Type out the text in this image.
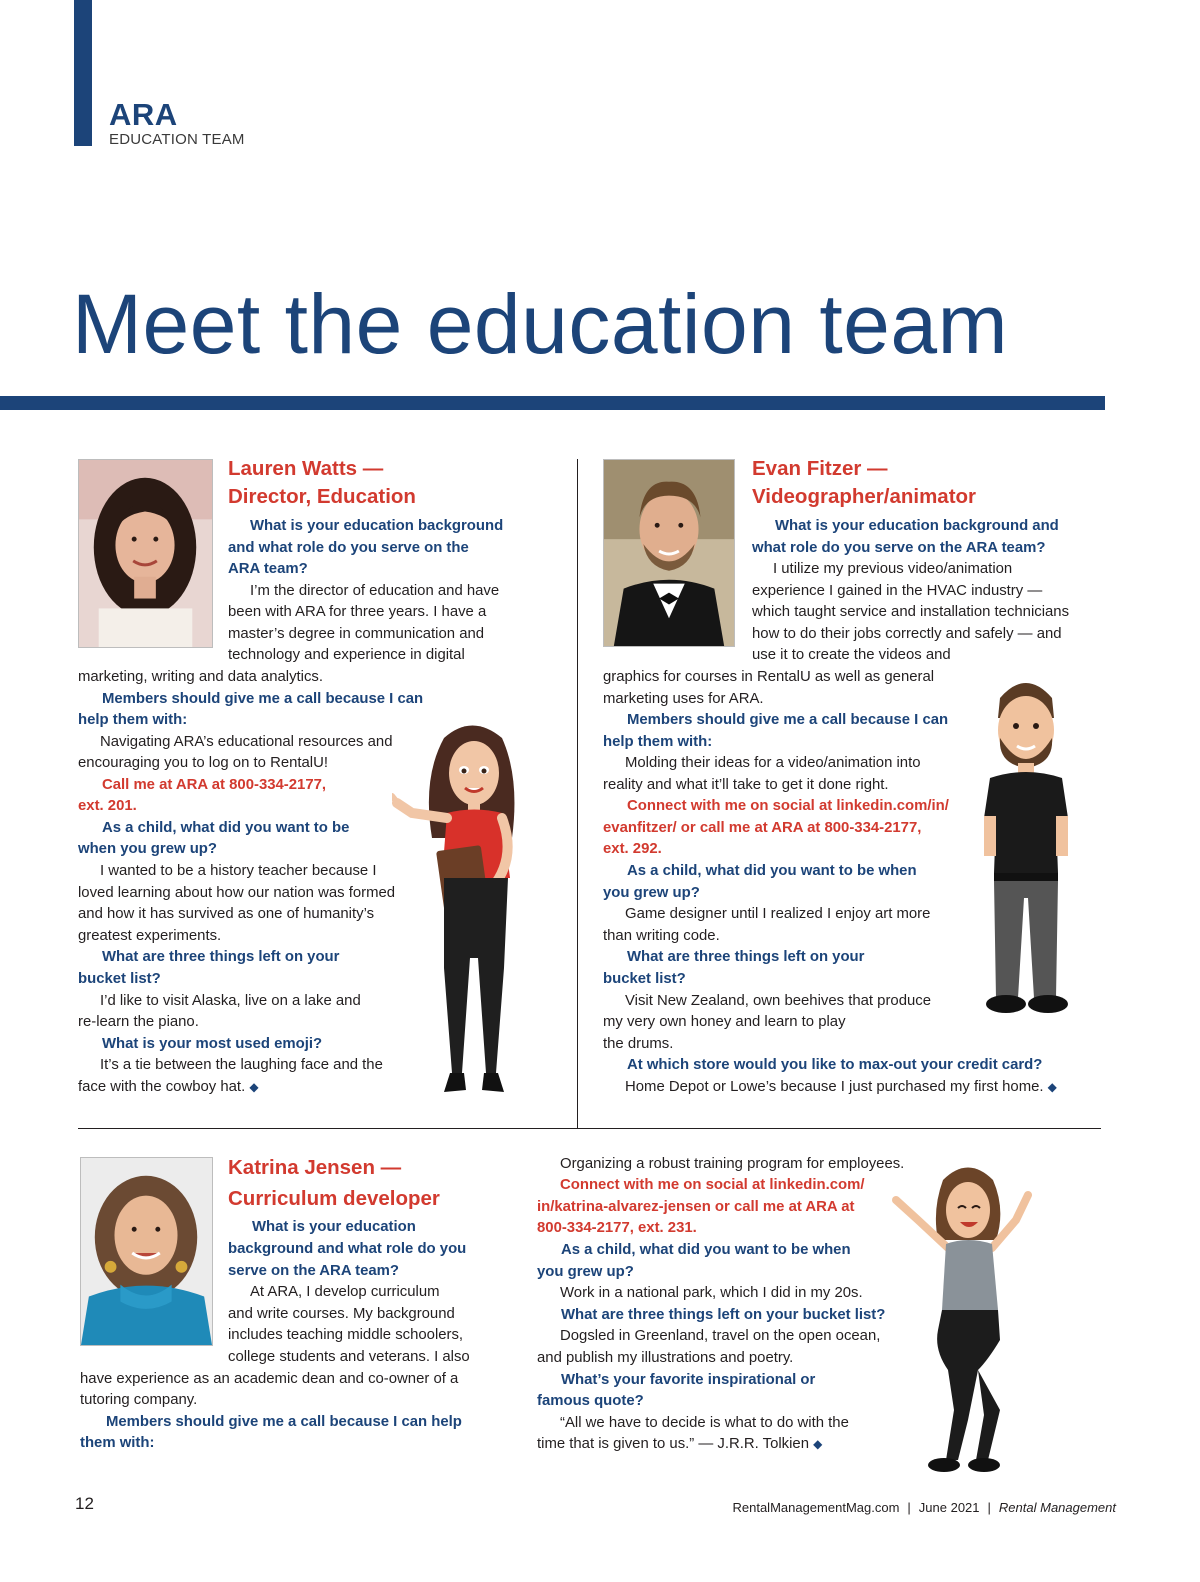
ARA
EDUCATION TEAM
Meet the education team
Lauren Watts —
Director, Education
What is your education background
and what role do you serve on the
ARA team?
I’m the director of education and have
been with ARA for three years. I have a
master’s degree in communication and
technology and experience in digital
marketing, writing and data analytics.
Members should give me a call because I can
help them with:
Navigating ARA’s educational resources and
encouraging you to log on to RentalU!
Call me at ARA at 800-334-2177,
ext. 201.
As a child, what did you want to be
when you grew up?
I wanted to be a history teacher because I
loved learning about how our nation was formed
and how it has survived as one of humanity’s
greatest experiments.
What are three things left on your
bucket list?
I’d like to visit Alaska, live on a lake and
re-learn the piano.
What is your most used emoji?
It’s a tie between the laughing face and the
face with the cowboy hat. ◆
Evan Fitzer —
Videographer/animator
What is your education background and
what role do you serve on the ARA team?
I utilize my previous video/animation
experience I gained in the HVAC industry —
which taught service and installation technicians
how to do their jobs correctly and safely — and
use it to create the videos and
graphics for courses in RentalU as well as general
marketing uses for ARA.
Members should give me a call because I can
help them with:
Molding their ideas for a video/animation into
reality and what it’ll take to get it done right.
Connect with me on social at linkedin.com/in/
evanfitzer/ or call me at ARA at 800-334-2177,
ext. 292.
As a child, what did you want to be when
you grew up?
Game designer until I realized I enjoy art more
than writing code.
What are three things left on your
bucket list?
Visit New Zealand, own beehives that produce
my very own honey and learn to play
the drums.
At which store would you like to max-out your credit card?
Home Depot or Lowe’s because I just purchased my first home. ◆
Katrina Jensen —
Curriculum developer
What is your education
background and what role do you
serve on the ARA team?
At ARA, I develop curriculum
and write courses. My background
includes teaching middle schoolers,
college students and veterans. I also
have experience as an academic dean and co-owner of a
tutoring company.
Members should give me a call because I can help
them with:
Organizing a robust training program for employees.
Connect with me on social at linkedin.com/
in/katrina-alvarez-jensen or call me at ARA at
800-334-2177, ext. 231.
As a child, what did you want to be when
you grew up?
Work in a national park, which I did in my 20s.
What are three things left on your bucket list?
Dogsled in Greenland, travel on the open ocean,
and publish my illustrations and poetry.
What’s your favorite inspirational or
famous quote?
“All we have to decide is what to do with the
time that is given to us.” — J.R.R. Tolkien ◆
12	RentalManagementMag.com | June 2021 | Rental Management
